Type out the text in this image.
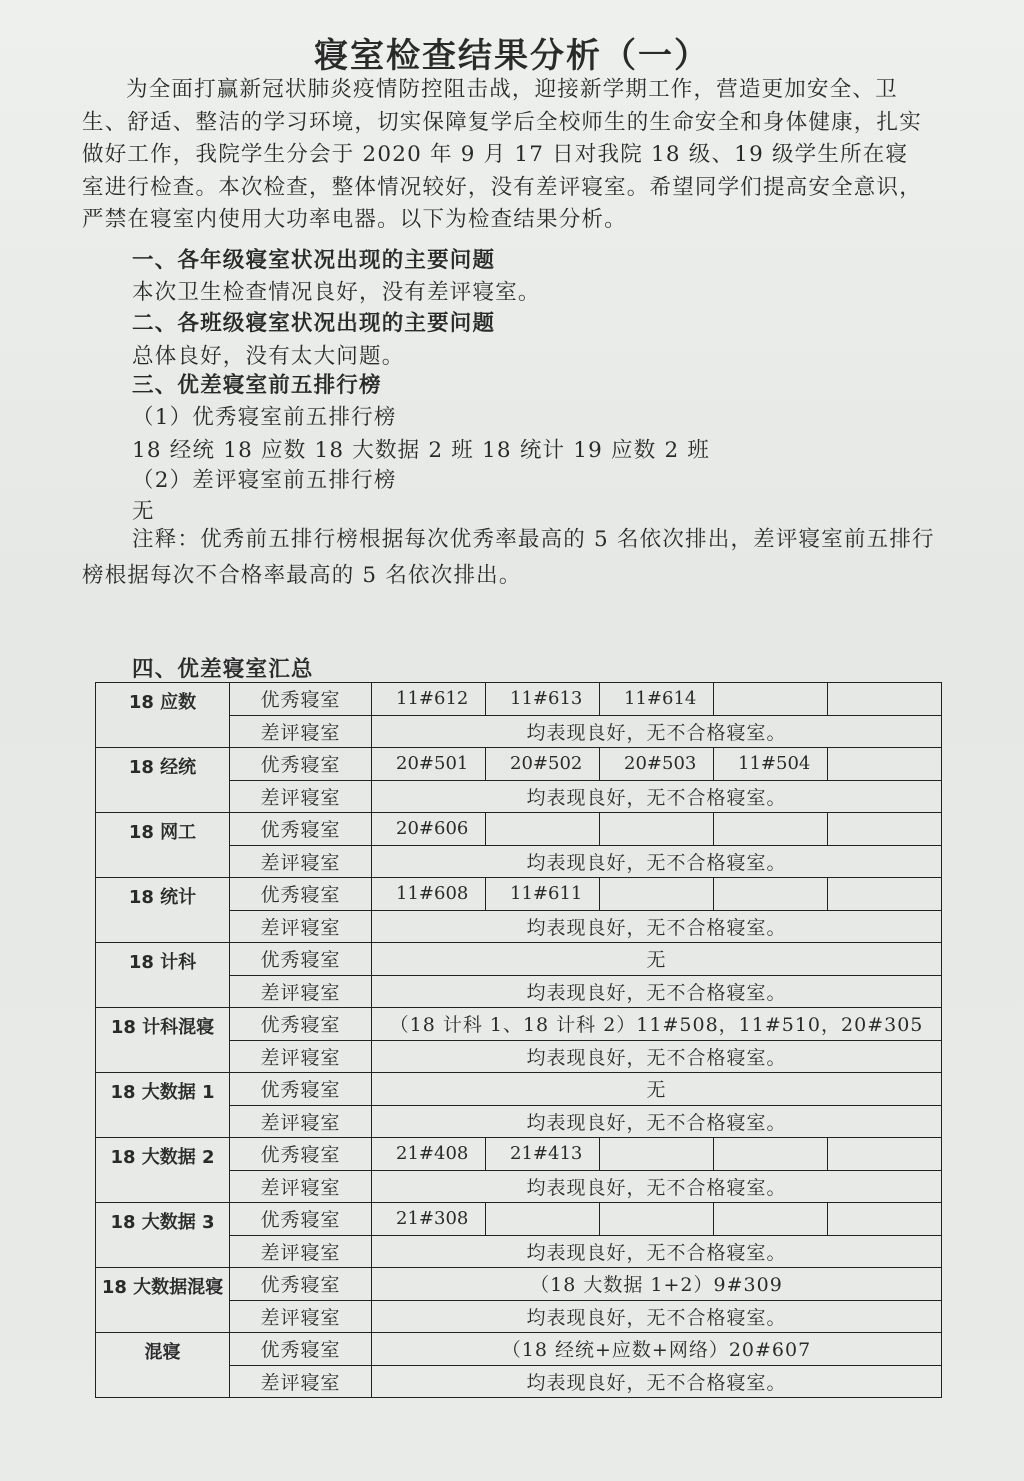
寝室检查结果分析（一）
为全面打赢新冠状肺炎疫情防控阻击战，迎接新学期工作，营造更加安全、卫生、舒适、整洁的学习环境，切实保障复学后全校师生的生命安全和身体健康，扎实做好工作，我院学生分会于 2020 年 9 月 17 日对我院 18 级、19 级学生所在寝室进行检查。本次检查，整体情况较好，没有差评寝室。希望同学们提高安全意识，严禁在寝室内使用大功率电器。以下为检查结果分析。
一、各年级寝室状况出现的主要问题
本次卫生检查情况良好，没有差评寝室。
二、各班级寝室状况出现的主要问题
总体良好，没有太大问题。
三、优差寝室前五排行榜
（1）优秀寝室前五排行榜
18 经统 18 应数 18 大数据 2 班 18 统计 19 应数 2 班
（2）差评寝室前五排行榜
无
注释：优秀前五排行榜根据每次优秀率最高的 5 名依次排出，差评寝室前五排行榜根据每次不合格率最高的 5 名依次排出。
四、优差寝室汇总
18 应数	优秀寝室	11#612	11#613	11#614		
	差评寝室	均表现良好，无不合格寝室。				
18 经统	优秀寝室	20#501	20#502	20#503	11#504	
	差评寝室	均表现良好，无不合格寝室。				
18 网工	优秀寝室	20#606				
	差评寝室	均表现良好，无不合格寝室。				
18 统计	优秀寝室	11#608	11#611			
	差评寝室	均表现良好，无不合格寝室。				
18 计科	优秀寝室	无				
	差评寝室	均表现良好，无不合格寝室。				
18 计科混寝	优秀寝室	（18 计科 1、18 计科 2）11#508，11#510，20#305				
	差评寝室	均表现良好，无不合格寝室。				
18 大数据 1	优秀寝室	无				
	差评寝室	均表现良好，无不合格寝室。				
18 大数据 2	优秀寝室	21#408	21#413			
	差评寝室	均表现良好，无不合格寝室。				
18 大数据 3	优秀寝室	21#308				
	差评寝室	均表现良好，无不合格寝室。				
18 大数据混寝	优秀寝室	（18 大数据 1+2）9#309				
	差评寝室	均表现良好，无不合格寝室。				
混寝	优秀寝室	（18 经统+应数+网络）20#607				
	差评寝室	均表现良好，无不合格寝室。				
